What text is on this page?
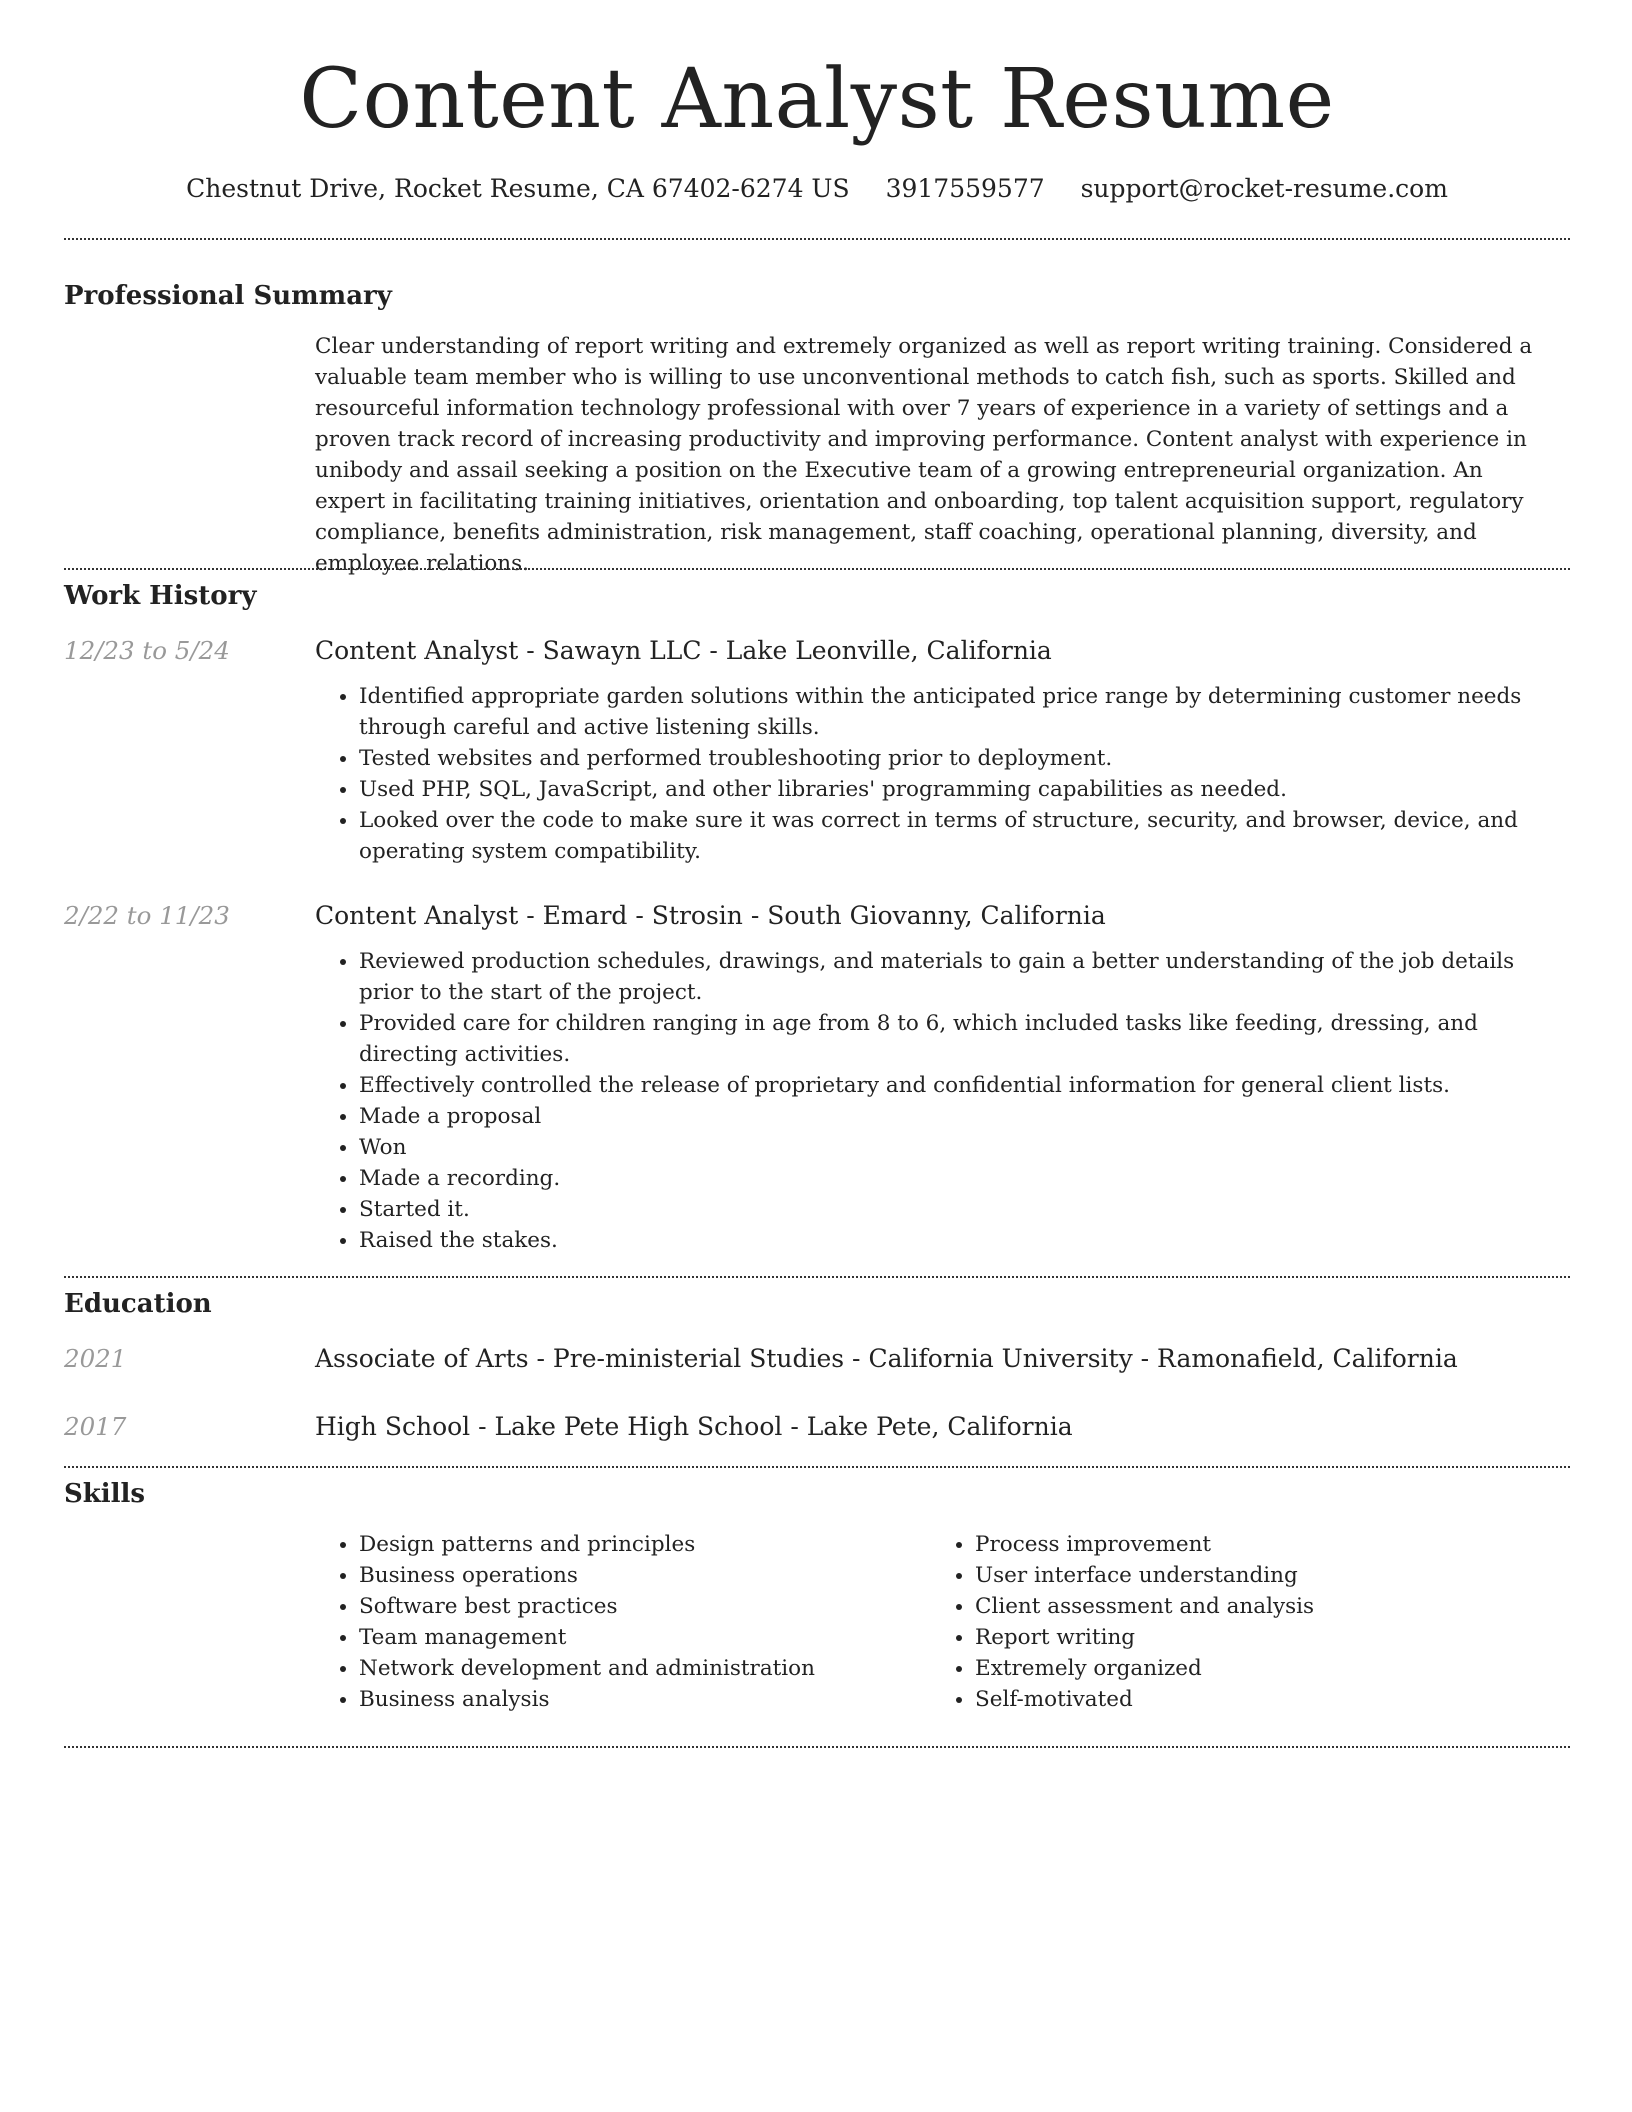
Content Analyst Resume
Chestnut Drive, Rocket Resume, CA 67402-6274 US 3917559577 support@rocket-resume.com
Professional Summary
Clear understanding of report writing and extremely organized as well as report writing training. Considered a valuable team member who is willing to use unconventional methods to catch fish, such as sports. Skilled and resourceful information technology professional with over 7 years of experience in a variety of settings and a proven track record of increasing productivity and improving performance. Content analyst with experience in unibody and assail seeking a position on the Executive team of a growing entrepreneurial organization. An expert in facilitating training initiatives, orientation and onboarding, top talent acquisition support, regulatory compliance, benefits administration, risk management, staff coaching, operational planning, diversity, and employee relations.
Work History
12/23 to 5/24	Content Analyst - Sawayn LLC - Lake Leonville, California
• Identified appropriate garden solutions within the anticipated price range by determining customer needs through careful and active listening skills.
• Tested websites and performed troubleshooting prior to deployment.
• Used PHP, SQL, JavaScript, and other libraries' programming capabilities as needed.
• Looked over the code to make sure it was correct in terms of structure, security, and browser, device, and operating system compatibility.
2/22 to 11/23	Content Analyst - Emard - Strosin - South Giovanny, California
• Reviewed production schedules, drawings, and materials to gain a better understanding of the job details prior to the start of the project.
• Provided care for children ranging in age from 8 to 6, which included tasks like feeding, dressing, and directing activities.
• Effectively controlled the release of proprietary and confidential information for general client lists.
• Made a proposal
• Won
• Made a recording.
• Started it.
• Raised the stakes.
Education
2021	Associate of Arts - Pre-ministerial Studies - California University - Ramonafield, California
2017	High School - Lake Pete High School - Lake Pete, California
Skills
• Design patterns and principles
• Business operations
• Software best practices
• Team management
• Network development and administration
• Business analysis
• Process improvement
• User interface understanding
• Client assessment and analysis
• Report writing
• Extremely organized
• Self-motivated
